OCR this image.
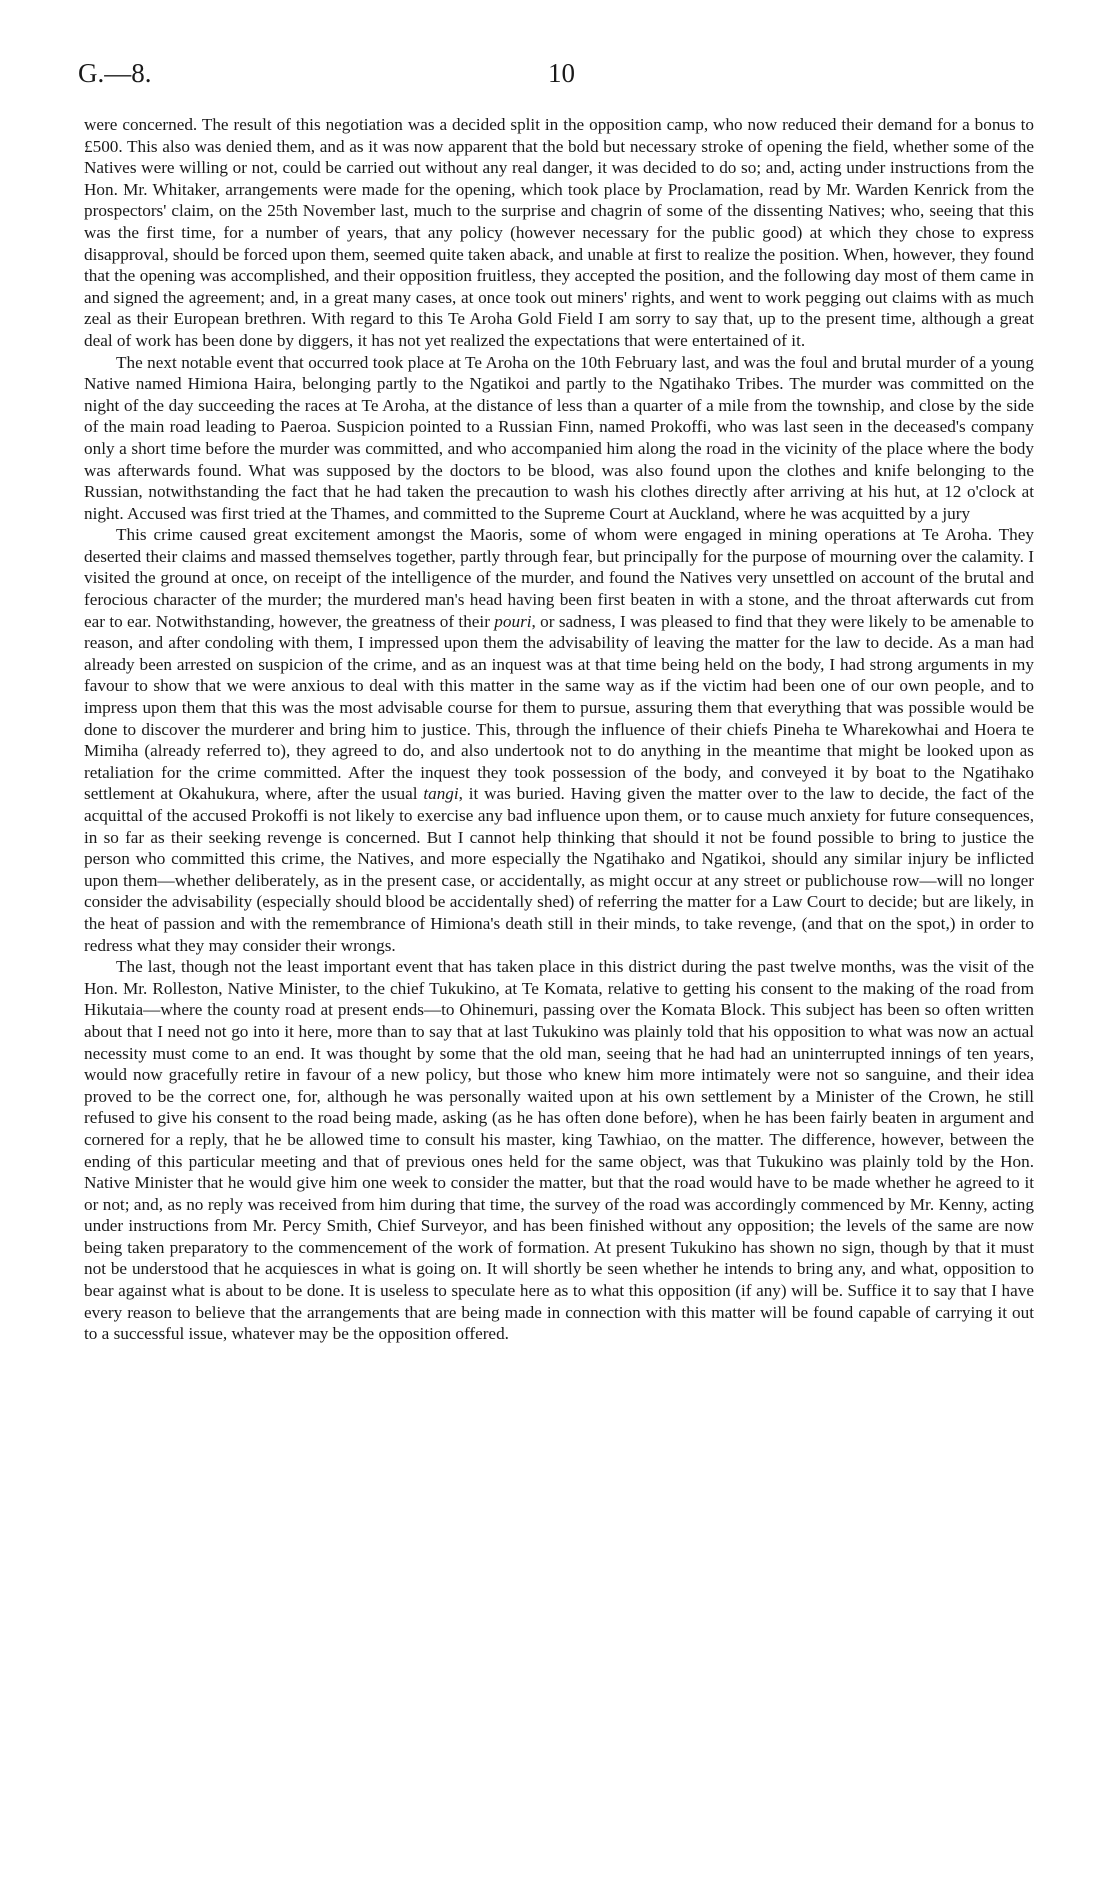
G.—8.	10

were concerned. The result of this negotiation was a decided split in the opposition camp, who now reduced their demand for a bonus to £500. This also was denied them, and as it was now apparent that the bold but necessary stroke of opening the field, whether some of the Natives were willing or not, could be carried out without any real danger, it was decided to do so; and, acting under instructions from the Hon. Mr. Whitaker, arrangements were made for the opening, which took place by Proclamation, read by Mr. Warden Kenrick from the prospectors' claim, on the 25th November last, much to the surprise and chagrin of some of the dissenting Natives; who, seeing that this was the first time, for a number of years, that any policy (however necessary for the public good) at which they chose to express disapproval, should be forced upon them, seemed quite taken aback, and unable at first to realize the position. When, however, they found that the opening was accomplished, and their opposition fruitless, they accepted the position, and the following day most of them came in and signed the agreement; and, in a great many cases, at once took out miners' rights, and went to work pegging out claims with as much zeal as their European brethren. With regard to this Te Aroha Gold Field I am sorry to say that, up to the present time, although a great deal of work has been done by diggers, it has not yet realized the expectations that were entertained of it.

The next notable event that occurred took place at Te Aroha on the 10th February last, and was the foul and brutal murder of a young Native named Himiona Haira, belonging partly to the Ngatikoi and partly to the Ngatihako Tribes. The murder was committed on the night of the day succeeding the races at Te Aroha, at the distance of less than a quarter of a mile from the township, and close by the side of the main road leading to Paeroa. Suspicion pointed to a Russian Finn, named Prokoffi, who was last seen in the deceased's company only a short time before the murder was committed, and who accompanied him along the road in the vicinity of the place where the body was afterwards found. What was supposed by the doctors to be blood, was also found upon the clothes and knife belonging to the Russian, notwithstanding the fact that he had taken the precaution to wash his clothes directly after arriving at his hut, at 12 o'clock at night. Accused was first tried at the Thames, and committed to the Supreme Court at Auckland, where he was acquitted by a jury

This crime caused great excitement amongst the Maoris, some of whom were engaged in mining operations at Te Aroha. They deserted their claims and massed themselves together, partly through fear, but principally for the purpose of mourning over the calamity. I visited the ground at once, on receipt of the intelligence of the murder, and found the Natives very unsettled on account of the brutal and ferocious character of the murder; the murdered man's head having been first beaten in with a stone, and the throat afterwards cut from ear to ear. Notwithstanding, however, the greatness of their pouri, or sadness, I was pleased to find that they were likely to be amenable to reason, and after condoling with them, I impressed upon them the advisability of leaving the matter for the law to decide. As a man had already been arrested on suspicion of the crime, and as an inquest was at that time being held on the body, I had strong arguments in my favour to show that we were anxious to deal with this matter in the same way as if the victim had been one of our own people, and to impress upon them that this was the most advisable course for them to pursue, assuring them that everything that was possible would be done to discover the murderer and bring him to justice. This, through the influence of their chiefs Pineha te Wharekowhai and Hoera te Mimiha (already referred to), they agreed to do, and also undertook not to do anything in the meantime that might be looked upon as retaliation for the crime committed. After the inquest they took possession of the body, and conveyed it by boat to the Ngatihako settlement at Okahukura, where, after the usual tangi, it was buried. Having given the matter over to the law to decide, the fact of the acquittal of the accused Prokoffi is not likely to exercise any bad influence upon them, or to cause much anxiety for future consequences, in so far as their seeking revenge is concerned. But I cannot help thinking that should it not be found possible to bring to justice the person who committed this crime, the Natives, and more especially the Ngatihako and Ngatikoi, should any similar injury be inflicted upon them—whether deliberately, as in the present case, or accidentally, as might occur at any street or publichouse row—will no longer consider the advisability (especially should blood be accidentally shed) of referring the matter for a Law Court to decide; but are likely, in the heat of passion and with the remembrance of Himiona's death still in their minds, to take revenge, (and that on the spot,) in order to redress what they may consider their wrongs.

The last, though not the least important event that has taken place in this district during the past twelve months, was the visit of the Hon. Mr. Rolleston, Native Minister, to the chief Tukukino, at Te Komata, relative to getting his consent to the making of the road from Hikutaia—where the county road at present ends—to Ohinemuri, passing over the Komata Block. This subject has been so often written about that I need not go into it here, more than to say that at last Tukukino was plainly told that his opposition to what was now an actual necessity must come to an end. It was thought by some that the old man, seeing that he had had an uninterrupted innings of ten years, would now gracefully retire in favour of a new policy, but those who knew him more intimately were not so sanguine, and their idea proved to be the correct one, for, although he was personally waited upon at his own settlement by a Minister of the Crown, he still refused to give his consent to the road being made, asking (as he has often done before), when he has been fairly beaten in argument and cornered for a reply, that he be allowed time to consult his master, king Tawhiao, on the matter. The difference, however, between the ending of this particular meeting and that of previous ones held for the same object, was that Tukukino was plainly told by the Hon. Native Minister that he would give him one week to consider the matter, but that the road would have to be made whether he agreed to it or not; and, as no reply was received from him during that time, the survey of the road was accordingly commenced by Mr. Kenny, acting under instructions from Mr. Percy Smith, Chief Surveyor, and has been finished without any opposition; the levels of the same are now being taken preparatory to the commencement of the work of formation. At present Tukukino has shown no sign, though by that it must not be understood that he acquiesces in what is going on. It will shortly be seen whether he intends to bring any, and what, opposition to bear against what is about to be done. It is useless to speculate here as to what this opposition (if any) will be. Suffice it to say that I have every reason to believe that the arrangements that are being made in connection with this matter will be found capable of carrying it out to a successful issue, whatever may be the opposition offered.
